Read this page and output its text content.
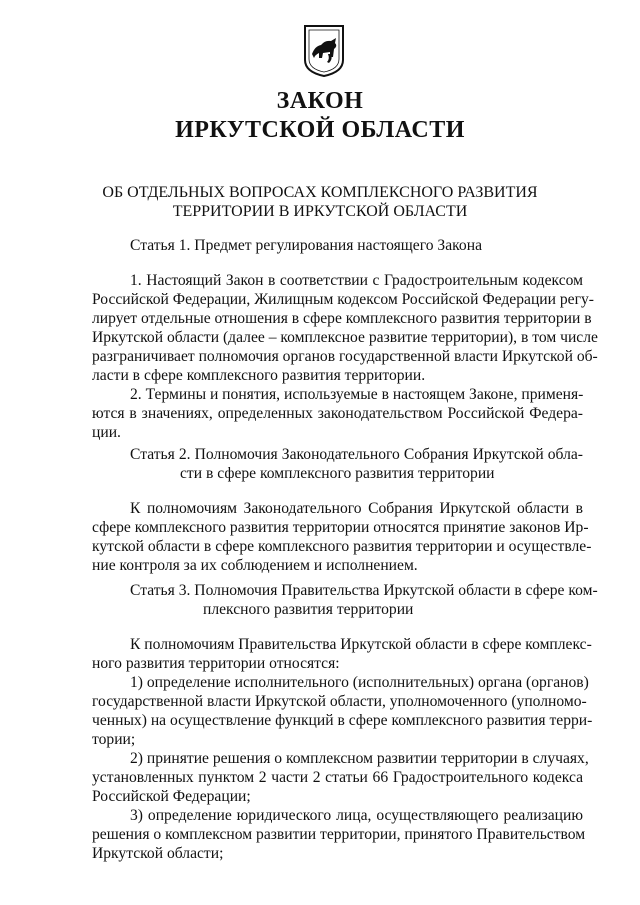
ЗАКОН
ИРКУТСКОЙ ОБЛАСТИ
ОБ ОТДЕЛЬНЫХ ВОПРОСАХ КОМПЛЕКСНОГО РАЗВИТИЯ
ТЕРРИТОРИИ В ИРКУТСКОЙ ОБЛАСТИ
Статья 1. Предмет регулирования настоящего Закона
1. Настоящий Закон в соответствии с Градостроительным кодексом
Российской Федерации, Жилищным кодексом Российской Федерации регу-
лирует отдельные отношения в сфере комплексного развития территории в
Иркутской области (далее – комплексное развитие территории), в том числе
разграничивает полномочия органов государственной власти Иркутской об-
ласти в сфере комплексного развития территории.
2. Термины и понятия, используемые в настоящем Законе, применя-
ются в значениях, определенных законодательством Российской Федера-
ции.
Статья 2. Полномочия Законодательного Собрания Иркутской обла-
сти в сфере комплексного развития территории
К полномочиям Законодательного Собрания Иркутской области в
сфере комплексного развития территории относятся принятие законов Ир-
кутской области в сфере комплексного развития территории и осуществле-
ние контроля за их соблюдением и исполнением.
Статья 3. Полномочия Правительства Иркутской области в сфере ком-
плексного развития территории
К полномочиям Правительства Иркутской области в сфере комплекс-
ного развития территории относятся:
1) определение исполнительного (исполнительных) органа (органов)
государственной власти Иркутской области, уполномоченного (уполномо-
ченных) на осуществление функций в сфере комплексного развития терри-
тории;
2) принятие решения о комплексном развитии территории в случаях,
установленных пунктом 2 части 2 статьи 66 Градостроительного кодекса
Российской Федерации;
3) определение юридического лица, осуществляющего реализацию
решения о комплексном развитии территории, принятого Правительством
Иркутской области;
